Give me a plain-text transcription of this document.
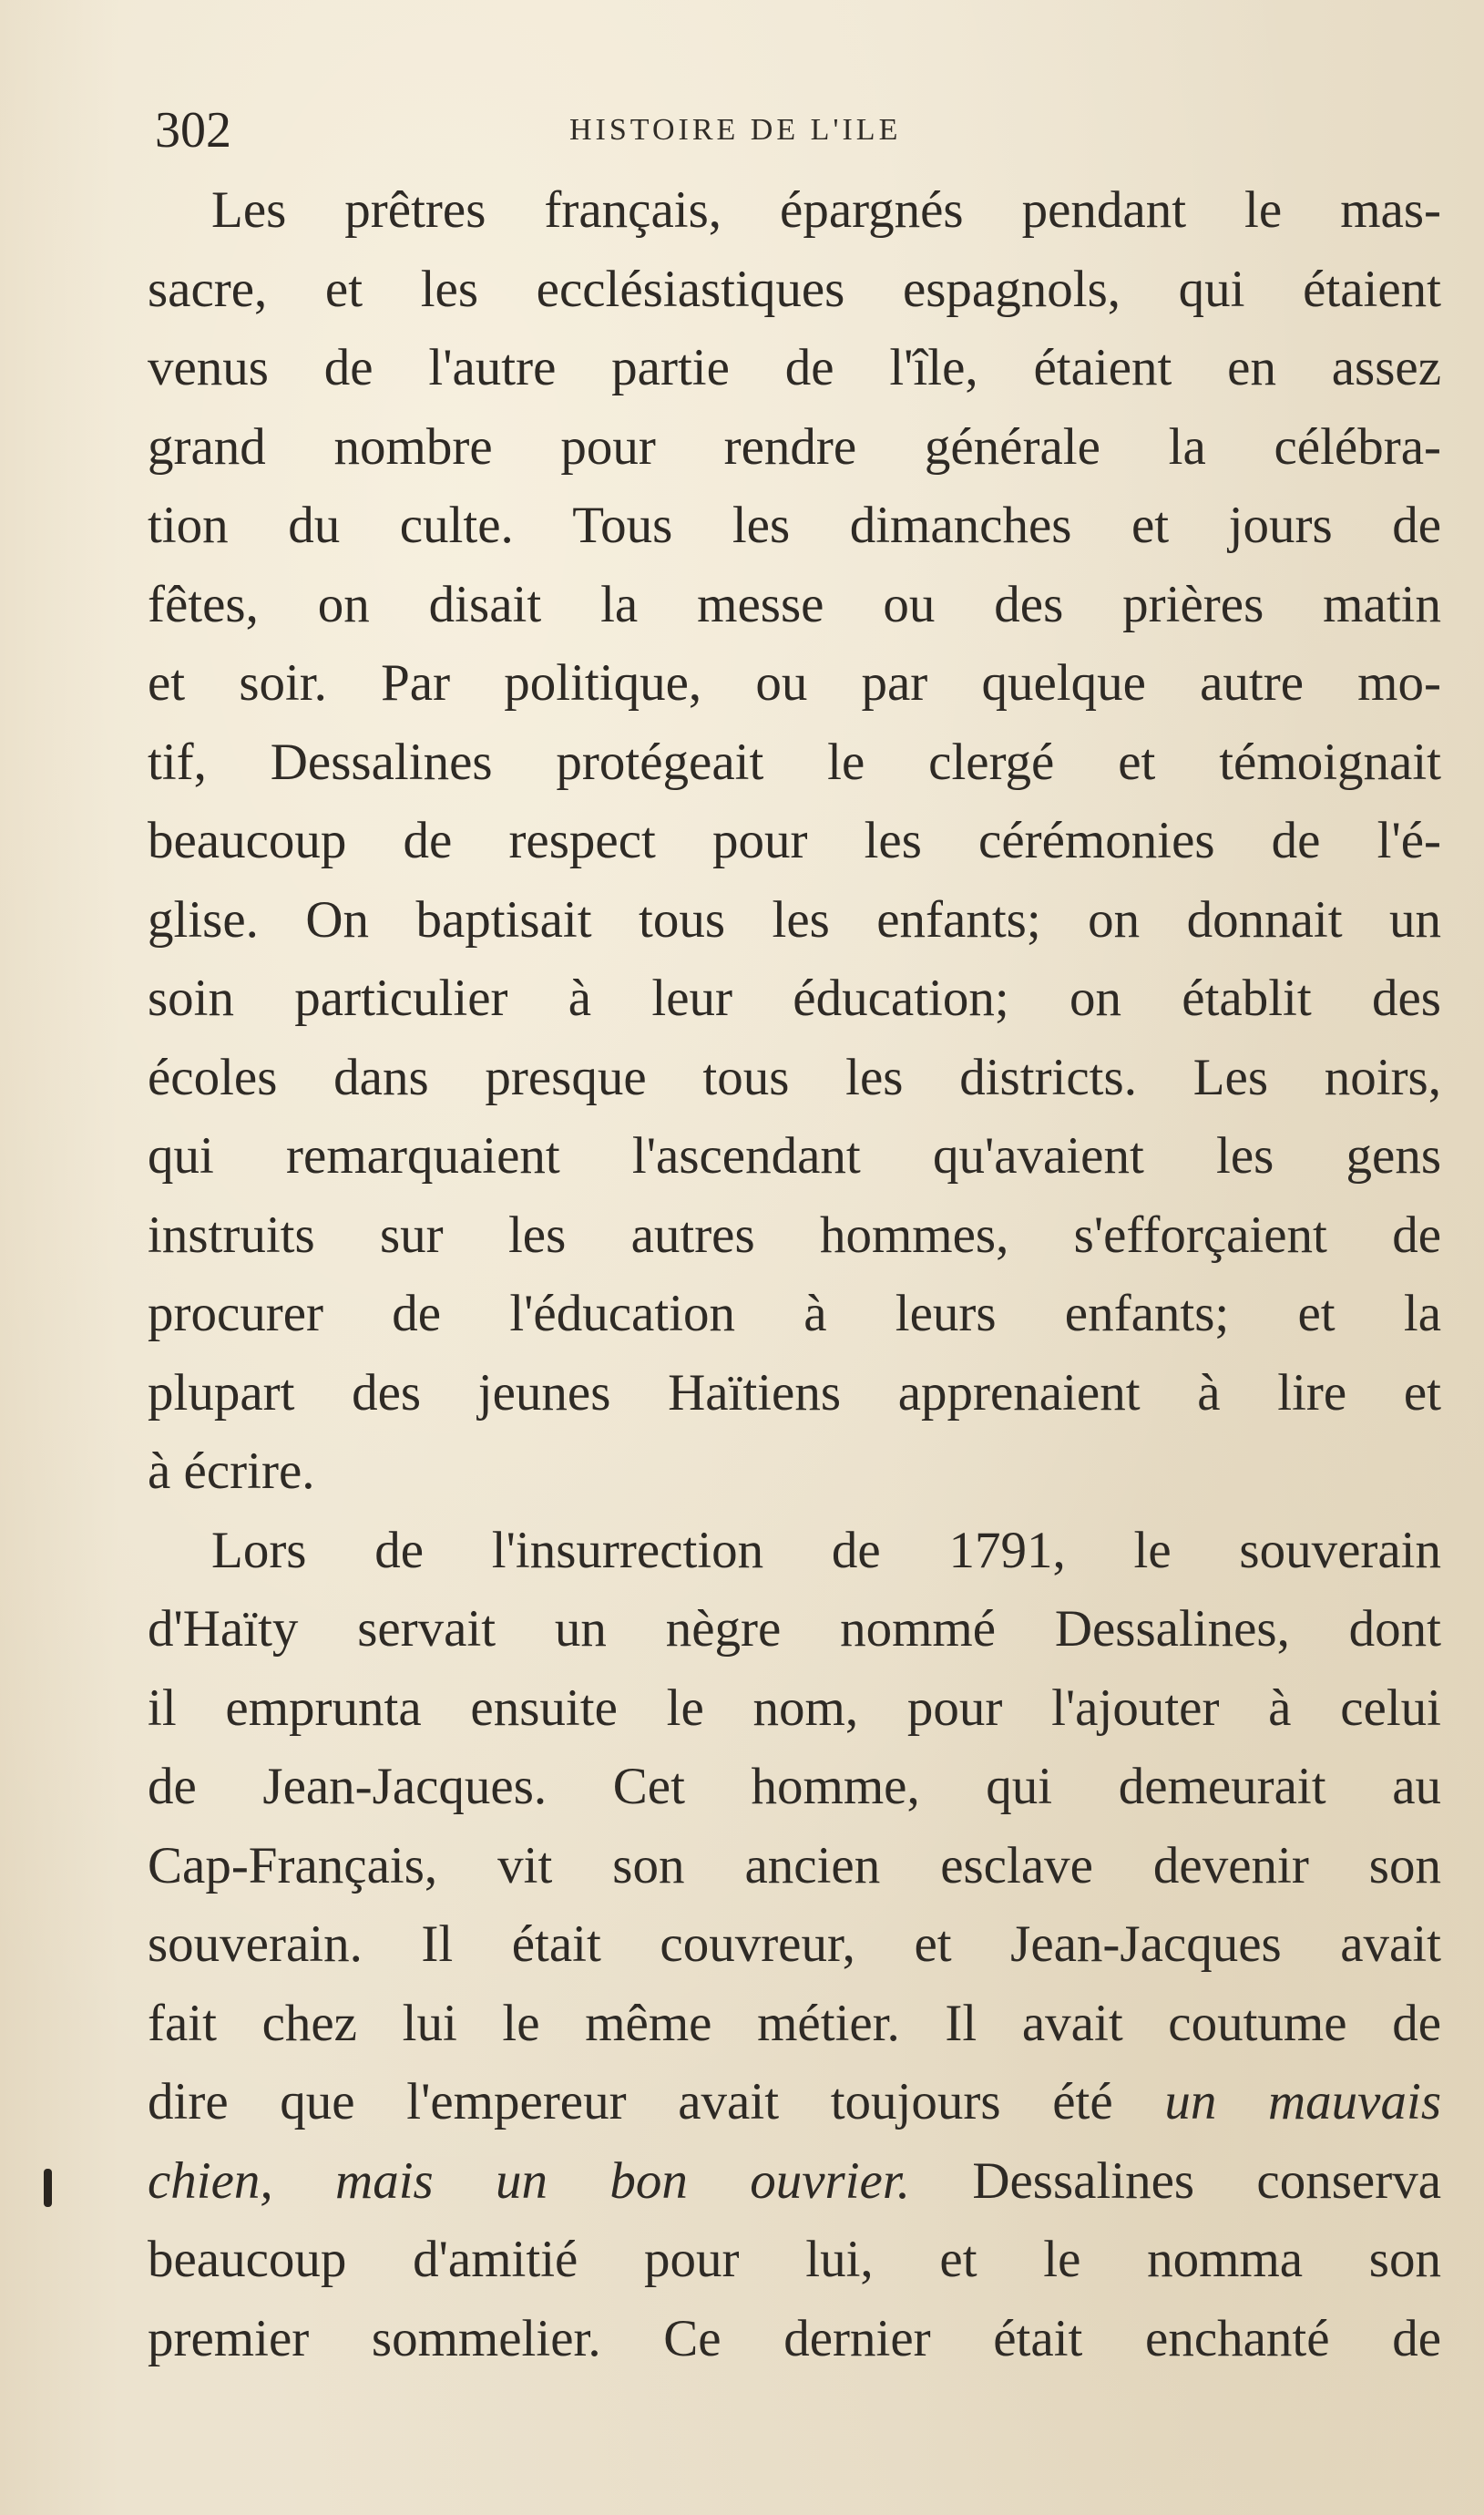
302	HISTOIRE DE L'ILE

Les prêtres français, épargnés pendant le mas-
sacre, et les ecclésiastiques espagnols, qui étaient
venus de l'autre partie de l'île, étaient en assez
grand nombre pour rendre générale la célébra-
tion du culte. Tous les dimanches et jours de
fêtes, on disait la messe ou des prières matin
et soir. Par politique, ou par quelque autre mo-
tif, Dessalines protégeait le clergé et témoignait
beaucoup de respect pour les cérémonies de l'é-
glise. On baptisait tous les enfants; on donnait un
soin particulier à leur éducation; on établit des
écoles dans presque tous les districts. Les noirs,
qui remarquaient l'ascendant qu'avaient les gens
instruits sur les autres hommes, s'efforçaient de
procurer de l'éducation à leurs enfants; et la
plupart des jeunes Haïtiens apprenaient à lire et
à écrire.

Lors de l'insurrection de 1791, le souverain
d'Haïty servait un nègre nommé Dessalines, dont
il emprunta ensuite le nom, pour l'ajouter à celui
de Jean-Jacques. Cet homme, qui demeurait au
Cap-Français, vit son ancien esclave devenir son
souverain. Il était couvreur, et Jean-Jacques avait
fait chez lui le même métier. Il avait coutume de
dire que l'empereur avait toujours été un mauvais
chien, mais un bon ouvrier. Dessalines conserva
beaucoup d'amitié pour lui, et le nomma son
premier sommelier. Ce dernier était enchanté de
